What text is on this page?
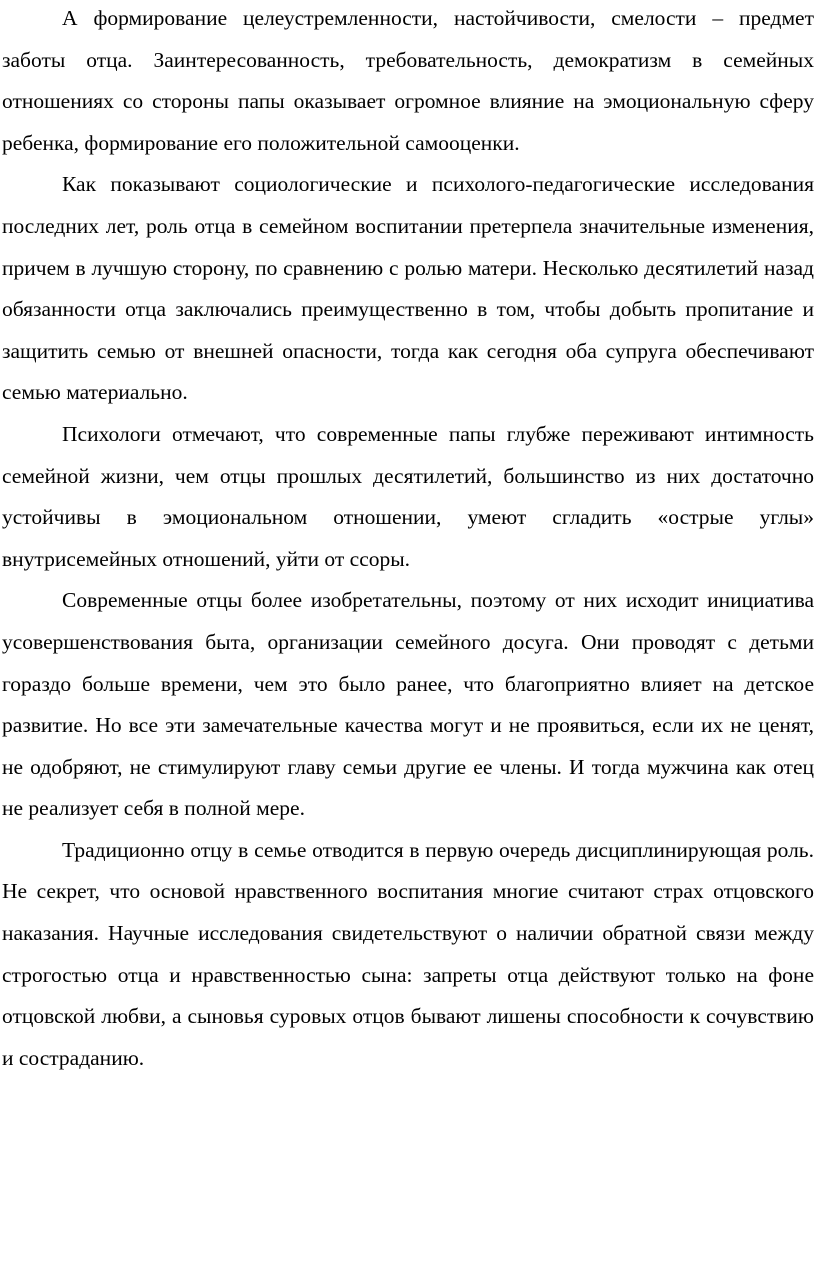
А формирование целеустремленности, настойчивости, смелости – предмет заботы отца. Заинтересованность, требовательность, демократизм в семейных отношениях со стороны папы оказывает огромное влияние на эмоциональную сферу ребенка, формирование его положительной самооценки.

Как показывают социологические и психолого-педагогические исследования последних лет, роль отца в семейном воспитании претерпела значительные изменения, причем в лучшую сторону, по сравнению с ролью матери. Несколько десятилетий назад обязанности отца заключались преимущественно в том, чтобы добыть пропитание и защитить семью от внешней опасности, тогда как сегодня оба супруга обеспечивают семью материально.

Психологи отмечают, что современные папы глубже переживают интимность семейной жизни, чем отцы прошлых десятилетий, большинство из них достаточно устойчивы в эмоциональном отношении, умеют сгладить «острые углы» внутрисемейных отношений, уйти от ссоры.

Современные отцы более изобретательны, поэтому от них исходит инициатива усовершенствования быта, организации семейного досуга. Они проводят с детьми гораздо больше времени, чем это было ранее, что благоприятно влияет на детское развитие. Но все эти замечательные качества могут и не проявиться, если их не ценят, не одобряют, не стимулируют главу семьи другие ее члены. И тогда мужчина как отец не реализует себя в полной мере.

Традиционно отцу в семье отводится в первую очередь дисциплинирующая роль. Не секрет, что основой нравственного воспитания многие считают страх отцовского наказания. Научные исследования свидетельствуют о наличии обратной связи между строгостью отца и нравственностью сына: запреты отца действуют только на фоне отцовской любви, а сыновья суровых отцов бывают лишены способности к сочувствию и состраданию.
